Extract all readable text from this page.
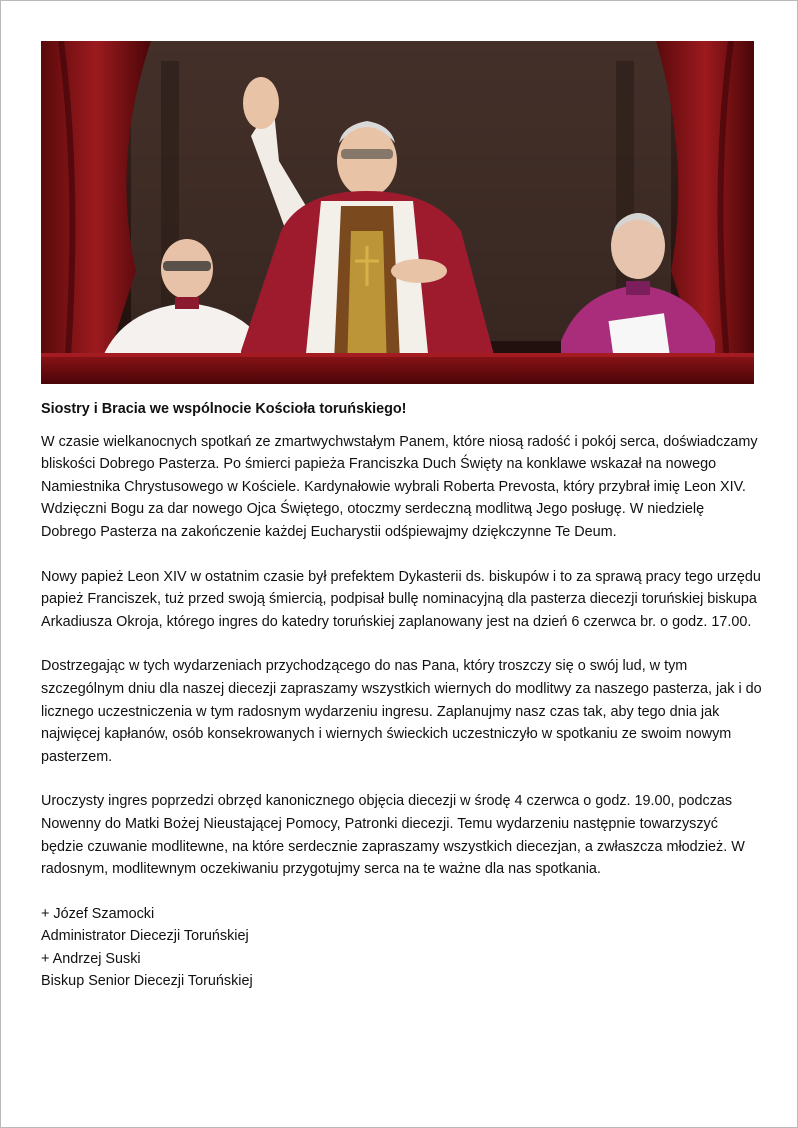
Siostry i Bracia we wspólnocie Kościoła toruńskiego!

W czasie wielkanocnych spotkań ze zmartwychwstałym Panem, które niosą radość i pokój serca, doświadczamy bliskości Dobrego Pasterza. Po śmierci papieża Franciszka Duch Święty na konklawe wskazał na nowego Namiestnika Chrystusowego w Kościele. Kardynałowie wybrali Roberta Prevosta, który przybrał imię Leon XIV. Wdzięczni Bogu za dar nowego Ojca Świętego, otoczmy serdeczną modlitwą Jego posługę. W niedzielę Dobrego Pasterza na zakończenie każdej Eucharystii odśpiewajmy dziękczynne Te Deum.

Nowy papież Leon XIV w ostatnim czasie był prefektem Dykasterii ds. biskupów i to za sprawą pracy tego urzędu papież Franciszek, tuż przed swoją śmiercią, podpisał bullę nominacyjną dla pasterza diecezji toruńskiej biskupa Arkadiusza Okroja, którego ingres do katedry toruńskiej zaplanowany jest na dzień 6 czerwca br. o godz. 17.00.

Dostrzegając w tych wydarzeniach przychodzącego do nas Pana, który troszczy się o swój lud, w tym szczególnym dniu dla naszej diecezji zapraszamy wszystkich wiernych do modlitwy za naszego pasterza, jak i do licznego uczestniczenia w tym radosnym wydarzeniu ingresu. Zaplanujmy nasz czas tak, aby tego dnia jak najwięcej kapłanów, osób konsekrowanych i wiernych świeckich uczestniczyło w spotkaniu ze swoim nowym pasterzem.

Uroczysty ingres poprzedzi obrzęd kanonicznego objęcia diecezji w środę 4 czerwca o godz. 19.00, podczas Nowenny do Matki Bożej Nieustającej Pomocy, Patronki diecezji. Temu wydarzeniu następnie towarzyszyć będzie czuwanie modlitewne, na które serdecznie zapraszamy wszystkich diecezjan, a zwłaszcza młodzież. W radosnym, modlitewnym oczekiwaniu przygotujmy serca na te ważne dla nas spotkania.

+ Józef Szamocki

Administrator Diecezji Toruńskiej

+ Andrzej Suski

Biskup Senior Diecezji Toruńskiej
